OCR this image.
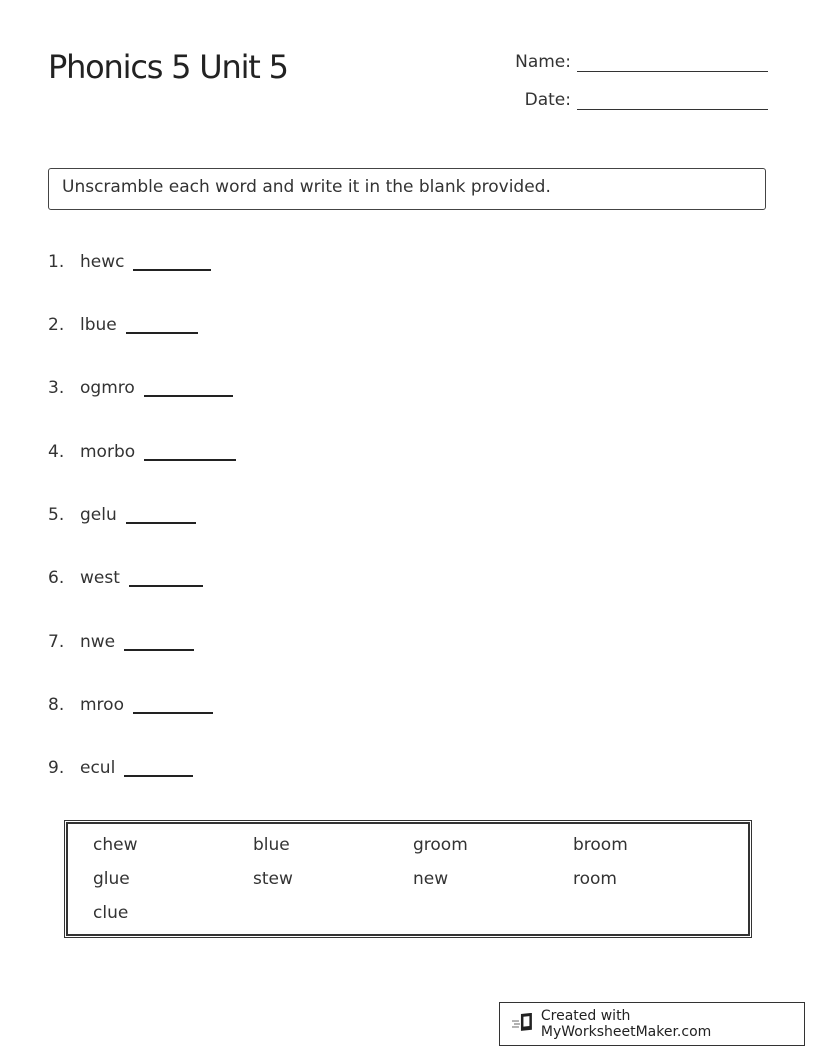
Phonics 5 Unit 5	Name:
Date:
Unscramble each word and write it in the blank provided.
1. hewc
2. lbue
3. ogmro
4. morbo
5. gelu
6. west
7. nwe
8. mroo
9. ecul
chew	blue	groom	broom
glue	stew	new	room
clue
Created with MyWorksheetMaker.com
